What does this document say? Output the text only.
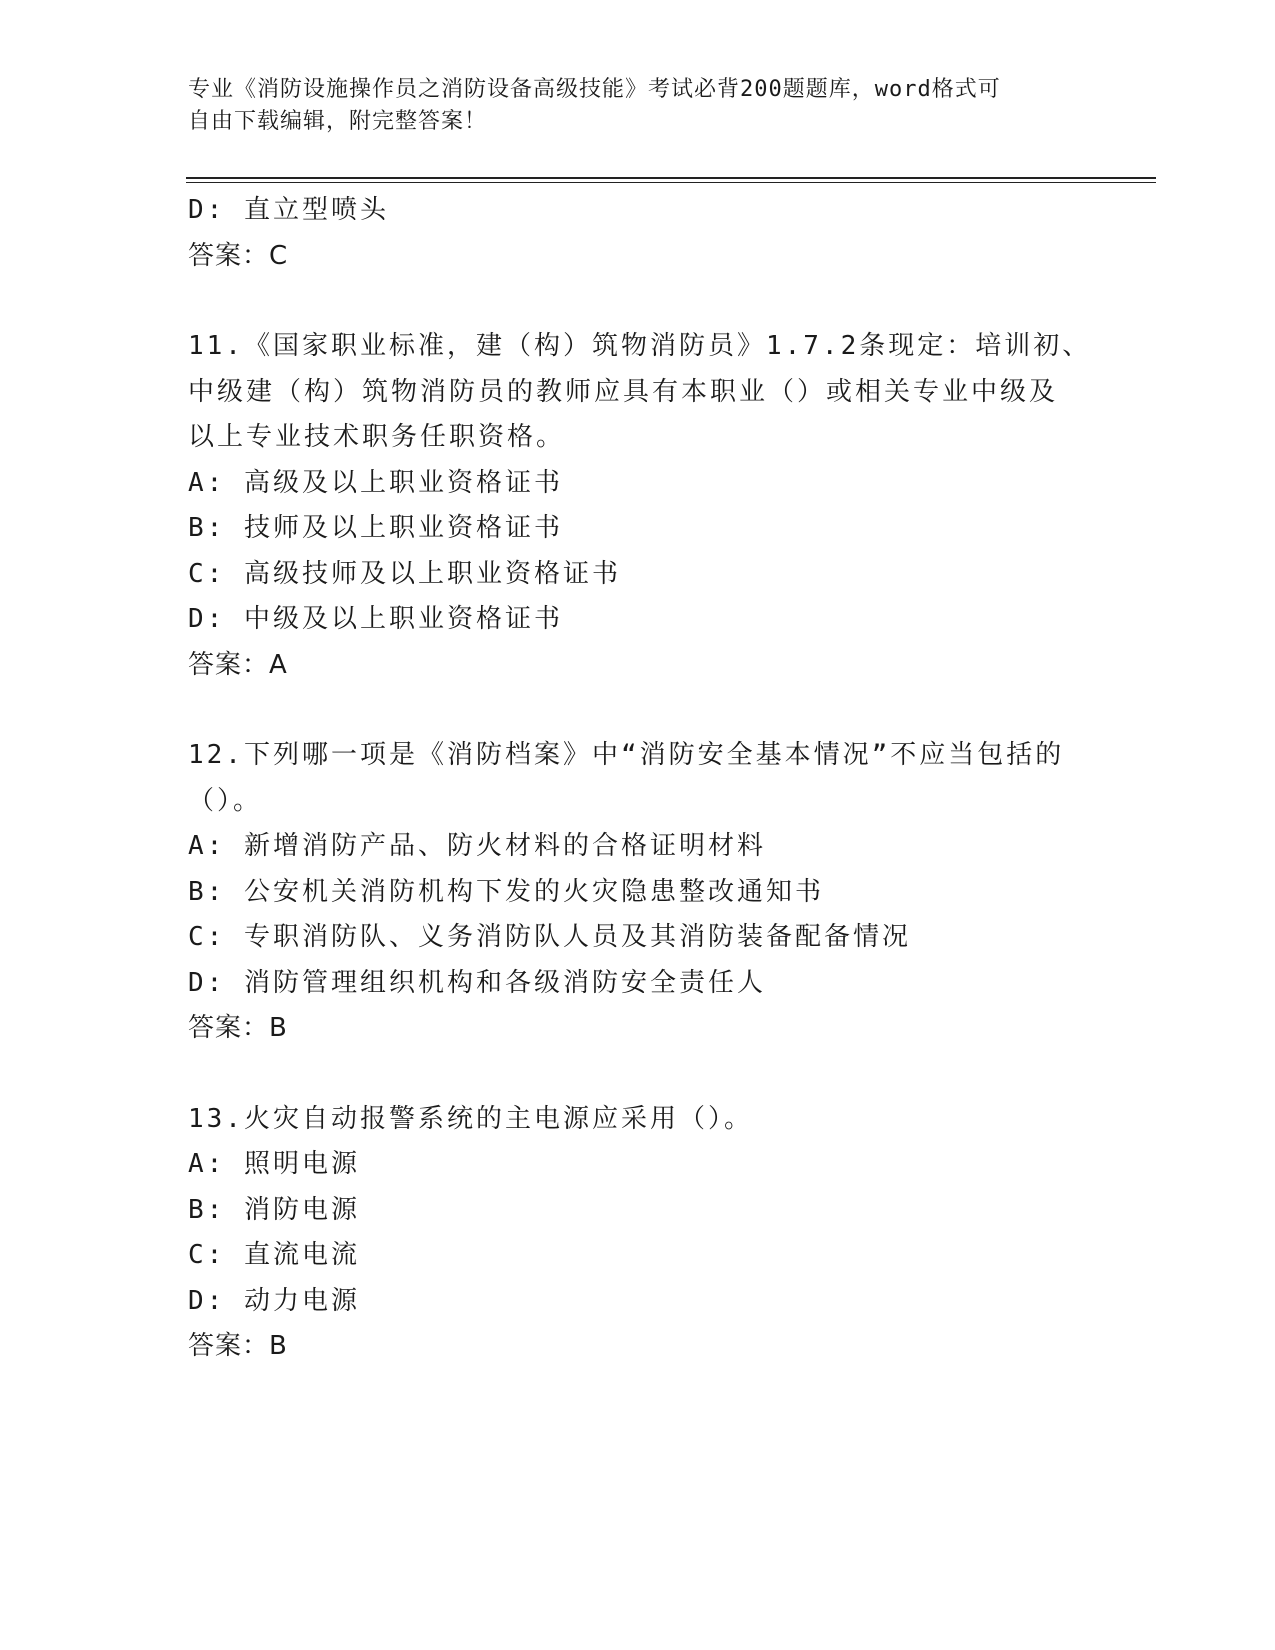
专业《消防设施操作员之消防设备高级技能》考试必背200题题库，word格式可
自由下载编辑，附完整答案！
D: 直立型喷头
答案：C
11.《国家职业标准，建（构）筑物消防员》1.7.2条现定：培训初、
中级建（构）筑物消防员的教师应具有本职业（）或相关专业中级及
以上专业技术职务任职资格。
A: 高级及以上职业资格证书
B: 技师及以上职业资格证书
C: 高级技师及以上职业资格证书
D: 中级及以上职业资格证书
答案：A
12.下列哪一项是《消防档案》中“消防安全基本情况”不应当包括的
（）。
A: 新增消防产品、防火材料的合格证明材料
B: 公安机关消防机构下发的火灾隐患整改通知书
C: 专职消防队、义务消防队人员及其消防装备配备情况
D: 消防管理组织机构和各级消防安全责任人
答案：B
13.火灾自动报警系统的主电源应采用（）。
A: 照明电源
B: 消防电源
C: 直流电流
D: 动力电源
答案：B
